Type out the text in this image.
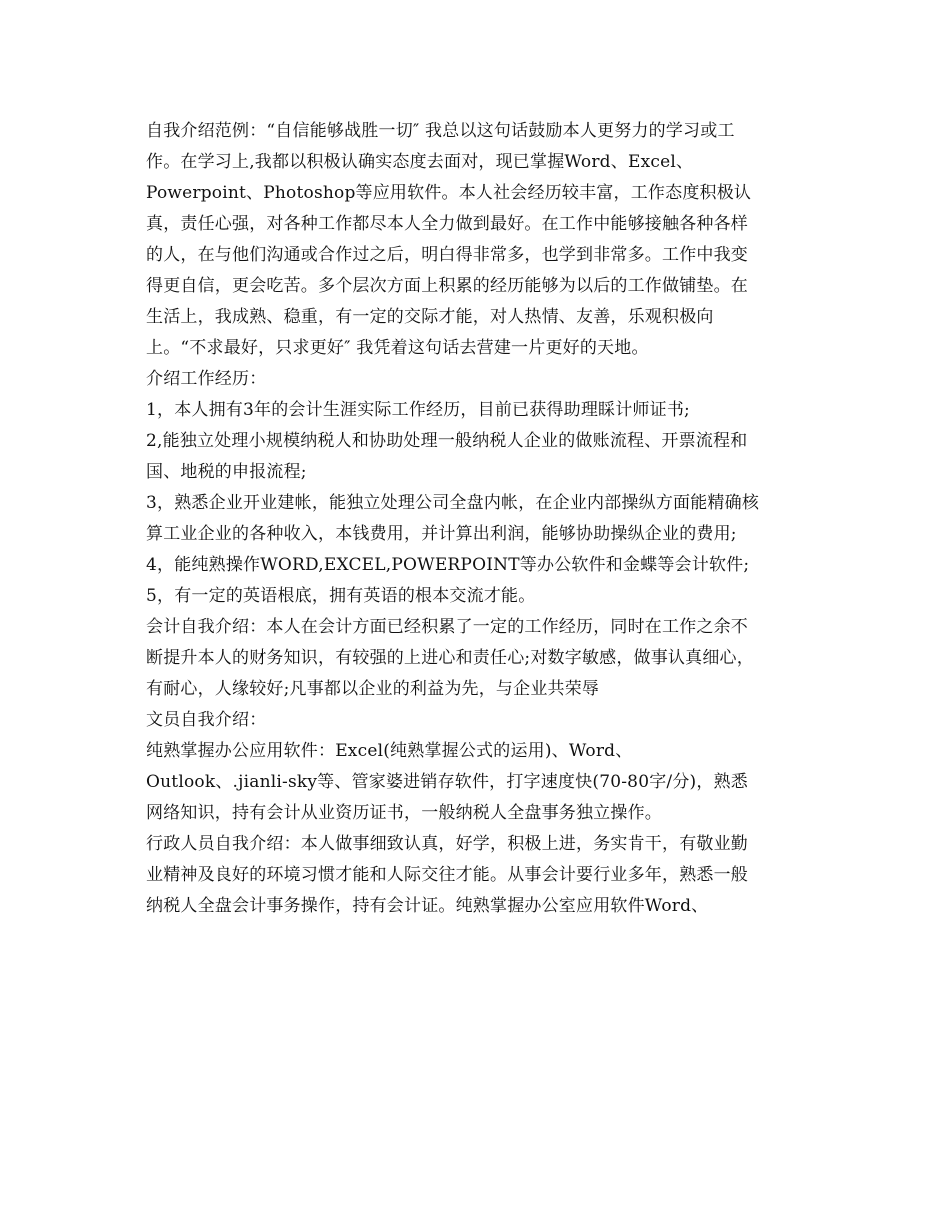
自我介绍范例：“自信能够战胜一切″ 我总以这句话鼓励本人更努力的学习或工
作。在学习上,我都以积极认确实态度去面对，现已掌握Word、Excel、
Powerpoint、Photoshop等应用软件。本人社会经历较丰富，工作态度积极认
真，责任心强，对各种工作都尽本人全力做到最好。在工作中能够接触各种各样
的人，在与他们沟通或合作过之后，明白得非常多，也学到非常多。工作中我变
得更自信，更会吃苦。多个层次方面上积累的经历能够为以后的工作做铺垫。在
生活上，我成熟、稳重，有一定的交际才能，对人热情、友善，乐观积极向
上。“不求最好，只求更好″ 我凭着这句话去营建一片更好的天地。
介绍工作经历：
1，本人拥有3年的会计生涯实际工作经历，目前已获得助理睬计师证书;
2,能独立处理小规模纳税人和协助处理一般纳税人企业的做账流程、开票流程和
国、地税的申报流程;
3，熟悉企业开业建帐，能独立处理公司全盘内帐，在企业内部操纵方面能精确核
算工业企业的各种收入，本钱费用，并计算出利润，能够协助操纵企业的费用;
4，能纯熟操作WORD,EXCEL,POWERPOINT等办公软件和金蝶等会计软件;
5，有一定的英语根底，拥有英语的根本交流才能。
会计自我介绍：本人在会计方面已经积累了一定的工作经历，同时在工作之余不
断提升本人的财务知识，有较强的上进心和责任心;对数字敏感，做事认真细心，
有耐心，人缘较好;凡事都以企业的利益为先，与企业共荣辱
文员自我介绍：
纯熟掌握办公应用软件：Excel(纯熟掌握公式的运用)、Word、
Outlook、.jianli-sky等、管家婆进销存软件，打字速度快(70-80字/分)，熟悉
网络知识，持有会计从业资历证书，一般纳税人全盘事务独立操作。
行政人员自我介绍：本人做事细致认真，好学，积极上进，务实肯干，有敬业勤
业精神及良好的环境习惯才能和人际交往才能。从事会计要行业多年，熟悉一般
纳税人全盘会计事务操作，持有会计证。纯熟掌握办公室应用软件Word、
